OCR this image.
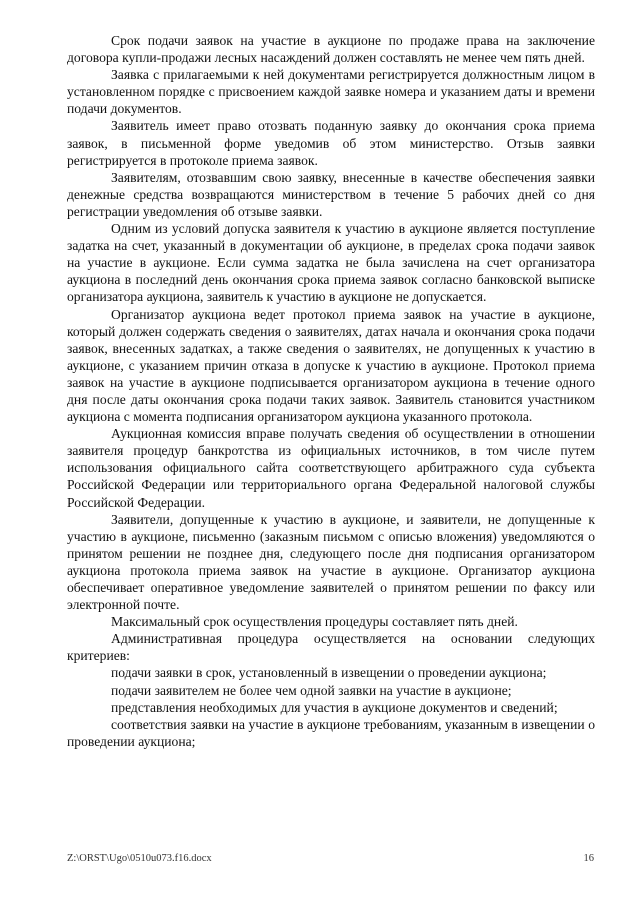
Срок подачи заявок на участие в аукционе по продаже права на заключение договора купли-продажи лесных насаждений должен составлять не менее чем пять дней.

Заявка с прилагаемыми к ней документами регистрируется должностным лицом в установленном порядке с присвоением каждой заявке номера и указанием даты и времени подачи документов.

Заявитель имеет право отозвать поданную заявку до окончания срока приема заявок, в письменной форме уведомив об этом министерство. Отзыв заявки регистрируется в протоколе приема заявок.

Заявителям, отозвавшим свою заявку, внесенные в качестве обеспечения заявки денежные средства возвращаются министерством в течение 5 рабочих дней со дня регистрации уведомления об отзыве заявки.

Одним из условий допуска заявителя к участию в аукционе является поступление задатка на счет, указанный в документации об аукционе, в пределах срока подачи заявок на участие в аукционе. Если сумма задатка не была зачислена на счет организатора аукциона в последний день окончания срока приема заявок согласно банковской выписке организатора аукциона, заявитель к участию в аукционе не допускается.

Организатор аукциона ведет протокол приема заявок на участие в аукционе, который должен содержать сведения о заявителях, датах начала и окончания срока подачи заявок, внесенных задатках, а также сведения о заявителях, не допущенных к участию в аукционе, с указанием причин отказа в допуске к участию в аукционе. Протокол приема заявок на участие в аукционе подписывается организатором аукциона в течение одного дня после даты окончания срока подачи таких заявок. Заявитель становится участником аукциона с момента подписания организатором аукциона указанного протокола.

Аукционная комиссия вправе получать сведения об осуществлении в отношении заявителя процедур банкротства из официальных источников, в том числе путем использования официального сайта соответствующего арбитражного суда субъекта Российской Федерации или территориального органа Федеральной налоговой службы Российской Федерации.

Заявители, допущенные к участию в аукционе, и заявители, не допущенные к участию в аукционе, письменно (заказным письмом с описью вложения) уведомляются о принятом решении не позднее дня, следующего после дня подписания организатором аукциона протокола приема заявок на участие в аукционе. Организатор аукциона обеспечивает оперативное уведомление заявителей о принятом решении по факсу или электронной почте.

Максимальный срок осуществления процедуры составляет пять дней.

Административная процедура осуществляется на основании следующих критериев:

подачи заявки в срок, установленный в извещении о проведении аукциона;

подачи заявителем не более чем одной заявки на участие в аукционе;

представления необходимых для участия в аукционе документов и сведений;

соответствия заявки на участие в аукционе требованиям, указанным в извещении о проведении аукциона;

Z:\ORST\Ugo\0510u073.f16.docx	16
